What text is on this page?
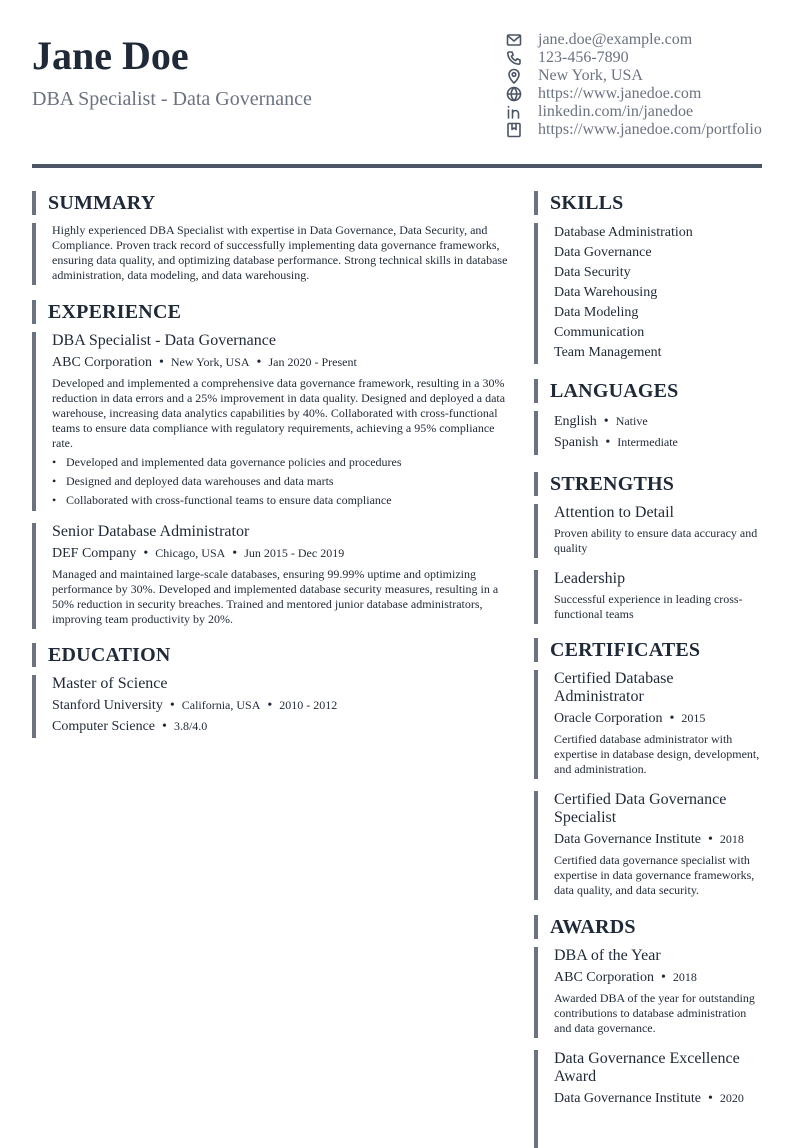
Jane Doe
DBA Specialist - Data Governance
jane.doe@example.com
123-456-7890
New York, USA
https://www.janedoe.com
linkedin.com/in/janedoe
https://www.janedoe.com/portfolio
SUMMARY
Highly experienced DBA Specialist with expertise in Data Governance, Data Security, and Compliance. Proven track record of successfully implementing data governance frameworks, ensuring data quality, and optimizing database performance. Strong technical skills in database administration, data modeling, and data warehousing.
EXPERIENCE
DBA Specialist - Data Governance
ABC Corporation • New York, USA • Jan 2020 - Present
Developed and implemented a comprehensive data governance framework, resulting in a 30% reduction in data errors and a 25% improvement in data quality. Designed and deployed a data warehouse, increasing data analytics capabilities by 40%. Collaborated with cross-functional teams to ensure data compliance with regulatory requirements, achieving a 95% compliance rate.
• Developed and implemented data governance policies and procedures
• Designed and deployed data warehouses and data marts
• Collaborated with cross-functional teams to ensure data compliance
Senior Database Administrator
DEF Company • Chicago, USA • Jun 2015 - Dec 2019
Managed and maintained large-scale databases, ensuring 99.99% uptime and optimizing performance by 30%. Developed and implemented database security measures, resulting in a 50% reduction in security breaches. Trained and mentored junior database administrators, improving team productivity by 20%.
EDUCATION
Master of Science
Stanford University • California, USA • 2010 - 2012
Computer Science • 3.8/4.0
SKILLS
Database Administration
Data Governance
Data Security
Data Warehousing
Data Modeling
Communication
Team Management
LANGUAGES
English • Native
Spanish • Intermediate
STRENGTHS
Attention to Detail
Proven ability to ensure data accuracy and quality
Leadership
Successful experience in leading cross-functional teams
CERTIFICATES
Certified Database Administrator
Oracle Corporation • 2015
Certified database administrator with expertise in database design, development, and administration.
Certified Data Governance Specialist
Data Governance Institute • 2018
Certified data governance specialist with expertise in data governance frameworks, data quality, and data security.
AWARDS
DBA of the Year
ABC Corporation • 2018
Awarded DBA of the year for outstanding contributions to database administration and data governance.
Data Governance Excellence Award
Data Governance Institute • 2020
